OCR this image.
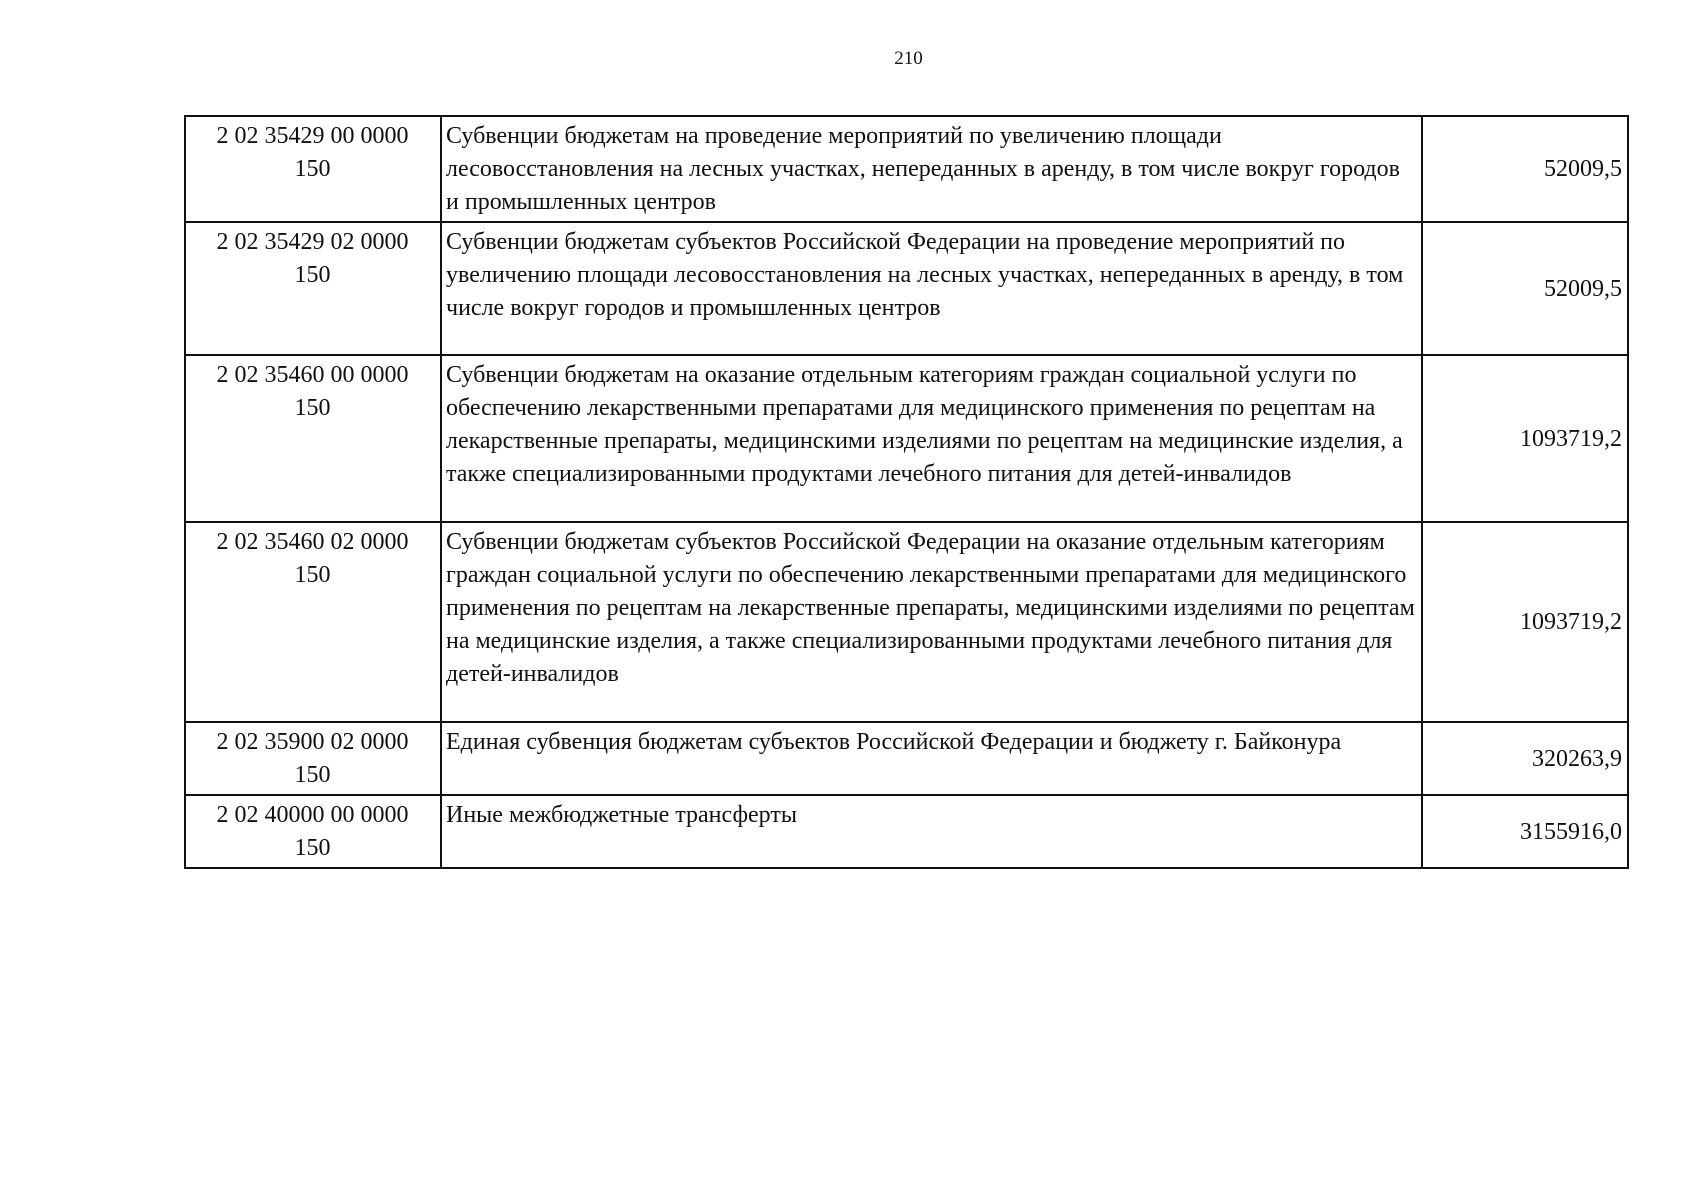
210
2 02 35429 00 0000
150	Субвенции бюджетам на проведение мероприятий по увеличению площади лесовосстановления на лесных участках, непереданных в аренду, в том числе вокруг городов и промышленных центров	52009,5
2 02 35429 02 0000
150	Субвенции бюджетам субъектов Российской Федерации на проведение мероприятий по увеличению площади лесовосстановления на лесных участках, непереданных в аренду, в том числе вокруг городов и промышленных центров	52009,5
2 02 35460 00 0000
150	Субвенции бюджетам на оказание отдельным категориям граждан социальной услуги по обеспечению лекарственными препаратами для медицинского применения по рецептам на лекарственные препараты, медицинскими изделиями по рецептам на медицинские изделия, а также специализированными продуктами лечебного питания для детей-инвалидов	1093719,2
2 02 35460 02 0000
150	Субвенции бюджетам субъектов Российской Федерации на оказание отдельным категориям граждан социальной услуги по обеспечению лекарственными препаратами для медицинского применения по рецептам на лекарственные препараты, медицинскими изделиями по рецептам на медицинские изделия, а также специализированными продуктами лечебного питания для детей-инвалидов	1093719,2
2 02 35900 02 0000
150	Единая субвенция бюджетам субъектов Российской Федерации и бюджету г. Байконура	320263,9
2 02 40000 00 0000
150	Иные межбюджетные трансферты	3155916,0
